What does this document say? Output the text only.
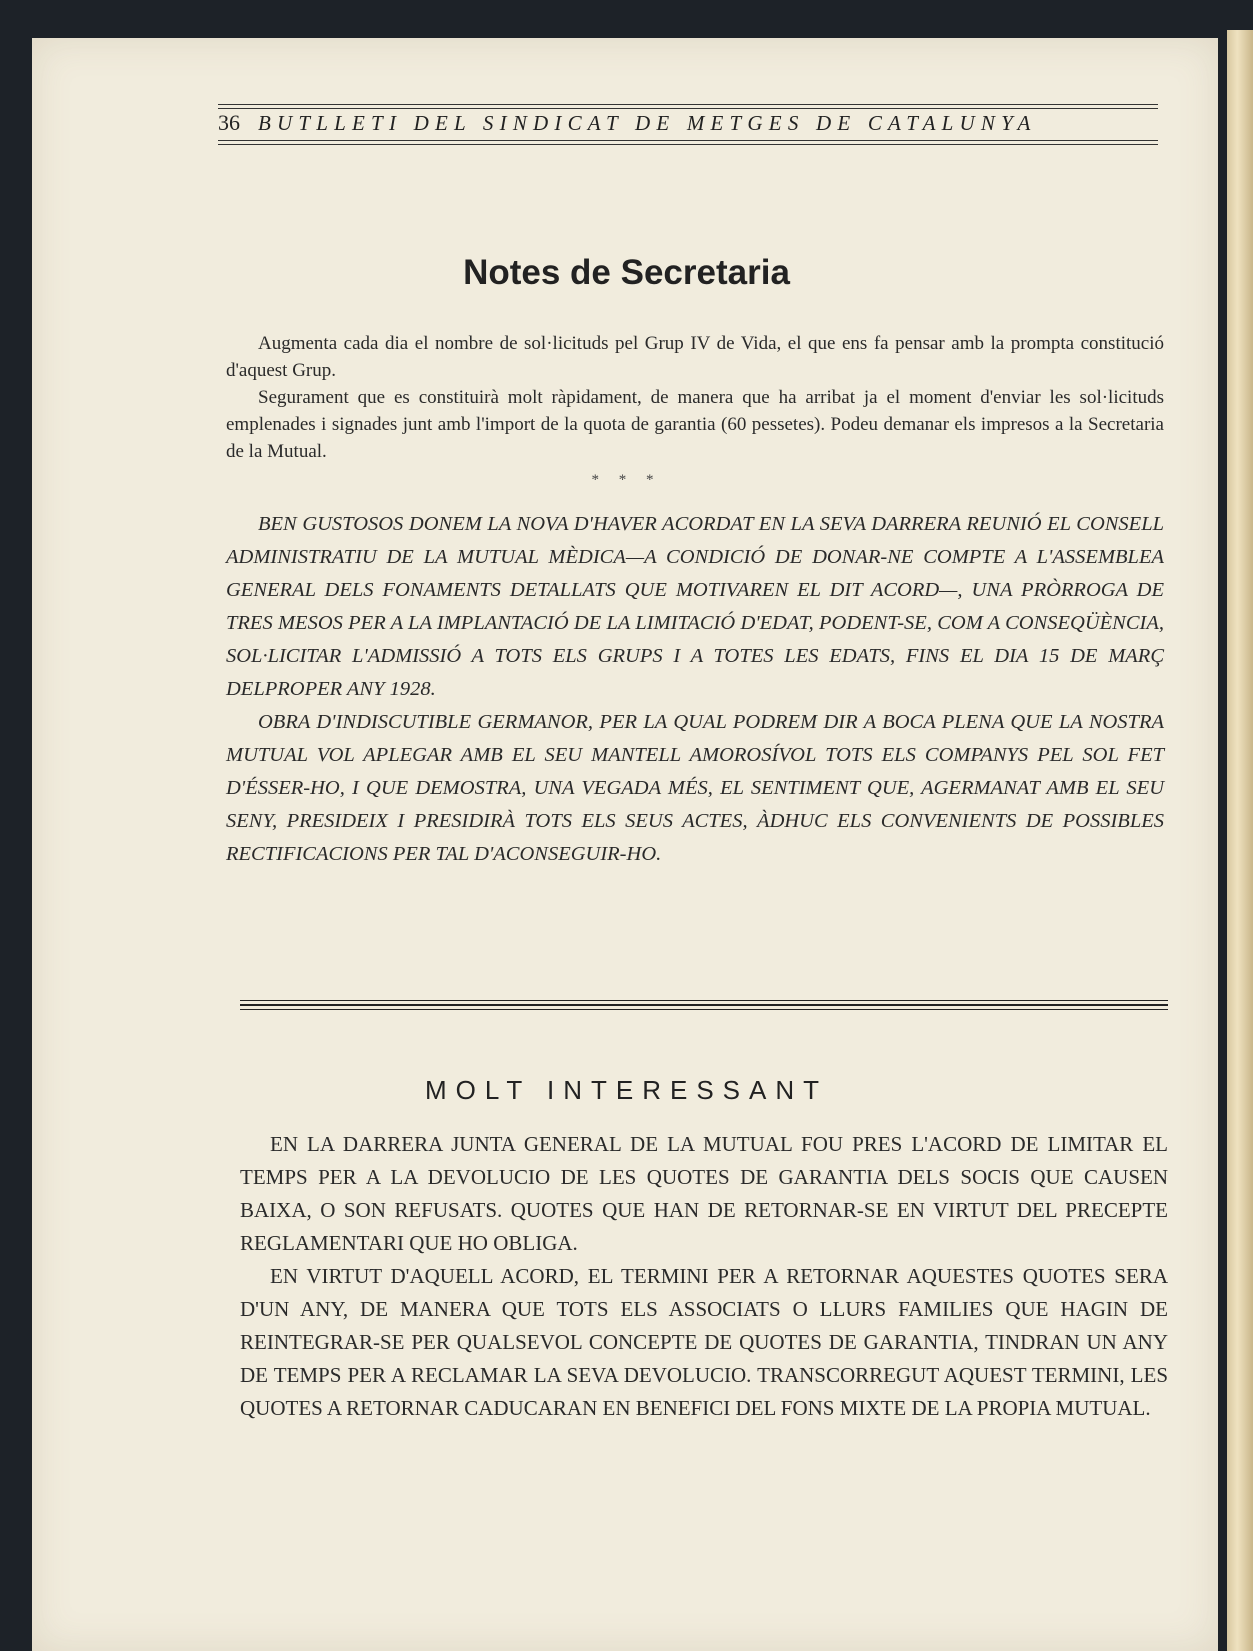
36 BUTLLETI DEL SINDICAT DE METGES DE CATALUNYA
Notes de Secretaria

Augmenta cada dia el nombre de sol·licituds pel Grup IV de Vida, el que ens fa pensar amb la prompta constitució d'aquest Grup.

Segurament que es constituirà molt ràpidament, de manera que ha arribat ja el moment d'enviar les sol·licituds emplenades i signades junt amb l'import de la quota de garantia (60 pessetes). Podeu demanar els impresos a la Secretaria de la Mutual.

* * *

BEN GUSTOSOS DONEM LA NOVA D'HAVER ACORDAT EN LA SEVA DARRERA REUNIÓ EL CONSELL ADMINISTRATIU DE LA MUTUAL MÈDICA—A CONDICIÓ DE DONAR-NE COMPTE A L'ASSEMBLEA GENERAL DELS FONAMENTS DETALLATS QUE MOTIVAREN EL DIT ACORD—, UNA PRÒRROGA DE TRES MESOS PER A LA IMPLANTACIÓ DE LA LIMITACIÓ D'EDAT, PODENT-SE, COM A CONSEQÜÈNCIA, SOL·LICITAR L'ADMISSIÓ A TOTS ELS GRUPS I A TOTES LES EDATS, FINS EL DIA 15 DE MARÇ DELPROPER ANY 1928.

OBRA D'INDISCUTIBLE GERMANOR, PER LA QUAL PODREM DIR A BOCA PLENA QUE LA NOSTRA MUTUAL VOL APLEGAR AMB EL SEU MANTELL AMOROSÍVOL TOTS ELS COMPANYS PEL SOL FET D'ÉSSER-HO, I QUE DEMOSTRA, UNA VEGADA MÉS, EL SENTIMENT QUE, AGERMANAT AMB EL SEU SENY, PRESIDEIX I PRESIDIRÀ TOTS ELS SEUS ACTES, ÀDHUC ELS CONVENIENTS DE POSSIBLES RECTIFICACIONS PER TAL D'ACONSEGUIR-HO.

MOLT INTERESSANT

EN LA DARRERA JUNTA GENERAL DE LA MUTUAL FOU PRES L'ACORD DE LIMITAR EL TEMPS PER A LA DEVOLUCIO DE LES QUOTES DE GARANTIA DELS SOCIS QUE CAUSEN BAIXA, O SON REFUSATS. QUOTES QUE HAN DE RETORNAR-SE EN VIRTUT DEL PRECEPTE REGLAMENTARI QUE HO OBLIGA.

EN VIRTUT D'AQUELL ACORD, EL TERMINI PER A RETORNAR AQUESTES QUOTES SERA D'UN ANY, DE MANERA QUE TOTS ELS ASSOCIATS O LLURS FAMILIES QUE HAGIN DE REINTEGRAR-SE PER QUALSEVOL CONCEPTE DE QUOTES DE GARANTIA, TINDRAN UN ANY DE TEMPS PER A RECLAMAR LA SEVA DEVOLUCIO. TRANSCORREGUT AQUEST TERMINI, LES QUOTES A RETORNAR CADUCARAN EN BENEFICI DEL FONS MIXTE DE LA PROPIA MUTUAL.
